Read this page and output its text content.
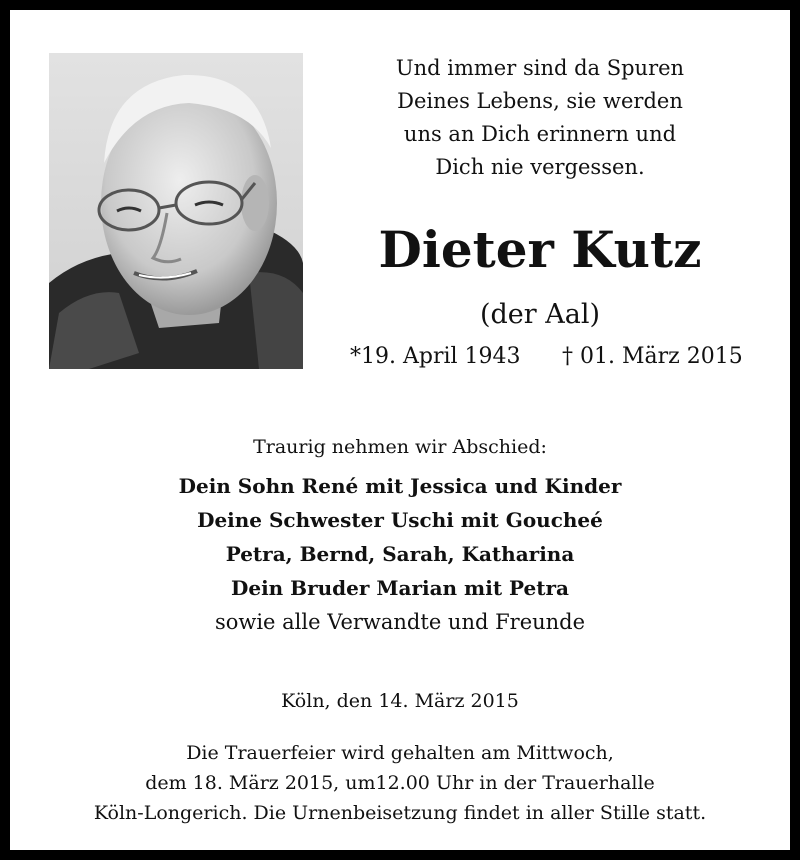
Und immer sind da Spuren
Deines Lebens, sie werden
uns an Dich erinnern und
Dich nie vergessen.
Dieter Kutz
(der Aal)
*19. April 1943 † 01. März 2015
Traurig nehmen wir Abschied:
Dein Sohn René mit Jessica und Kinder
Deine Schwester Uschi mit Goucheé
Petra, Bernd, Sarah, Katharina
Dein Bruder Marian mit Petra
sowie alle Verwandte und Freunde
Köln, den 14. März 2015
Die Trauerfeier wird gehalten am Mittwoch,
dem 18. März 2015, um12.00 Uhr in der Trauerhalle
Köln-Longerich. Die Urnenbeisetzung findet in aller Stille statt.
